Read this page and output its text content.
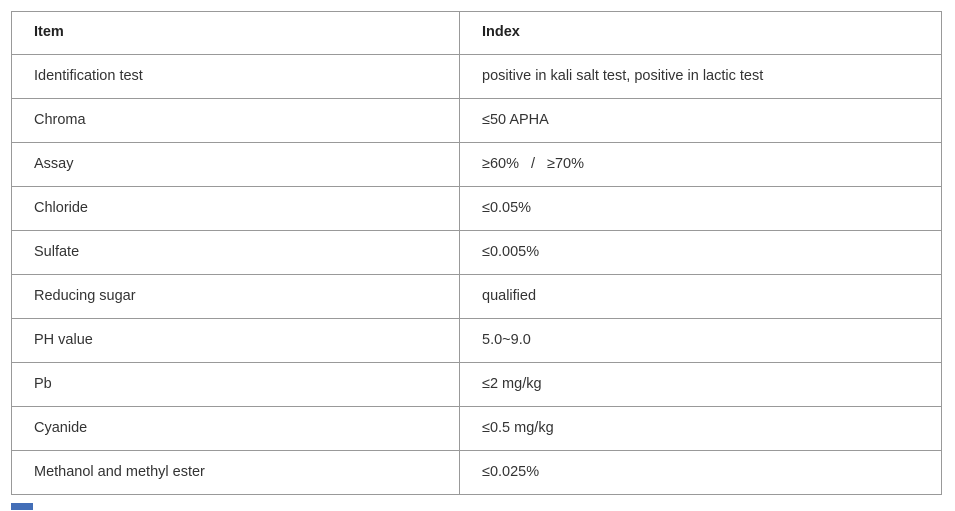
Item	Index
Identification test	positive in kali salt test, positive in lactic test
Chroma	≤50 APHA
Assay	≥60% / ≥70%
Chloride	≤0.05%
Sulfate	≤0.005%
Reducing sugar	qualified
PH value	5.0~9.0
Pb	≤2 mg/kg
Cyanide	≤0.5 mg/kg
Methanol and methyl ester	≤0.025%
